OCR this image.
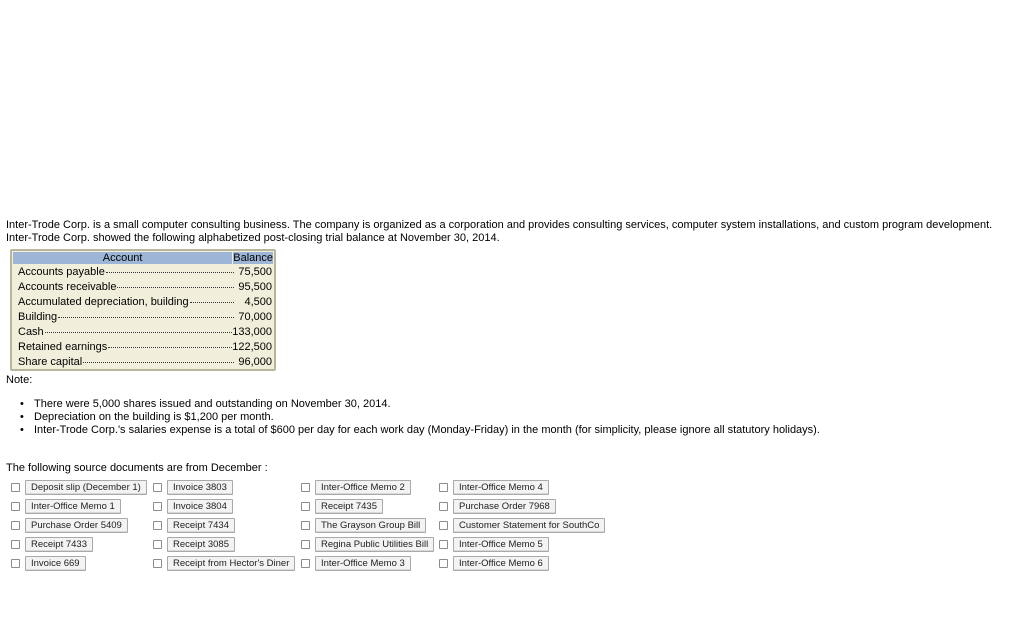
Inter-Trode Corp. is a small computer consulting business. The company is organized as a corporation and provides consulting services, computer system installations, and custom program development. Inter-Trode Corp. showed the following alphabetized post-closing trial balance at November 30, 2014.

Account	Balance
Accounts payable	75,500
Accounts receivable	95,500
Accumulated depreciation, building	4,500
Building	70,000
Cash	133,000
Retained earnings	122,500
Share capital	96,000
Note:
• There were 5,000 shares issued and outstanding on November 30, 2014.
• Depreciation on the building is $1,200 per month.
• Inter-Trode Corp.'s salaries expense is a total of $600 per day for each work day (Monday-Friday) in the month (for simplicity, please ignore all statutory holidays).
The following source documents are from December :
Deposit slip (December 1)
Inter-Office Memo 1
Purchase Order 5409
Receipt 7433
Invoice 669
Invoice 3803
Invoice 3804
Receipt 7434
Receipt 3085
Receipt from Hector's Diner
Inter-Office Memo 2
Receipt 7435
The Grayson Group Bill
Regina Public Utilities Bill
Inter-Office Memo 3
Inter-Office Memo 4
Purchase Order 7968
Customer Statement for SouthCo
Inter-Office Memo 5
Inter-Office Memo 6
